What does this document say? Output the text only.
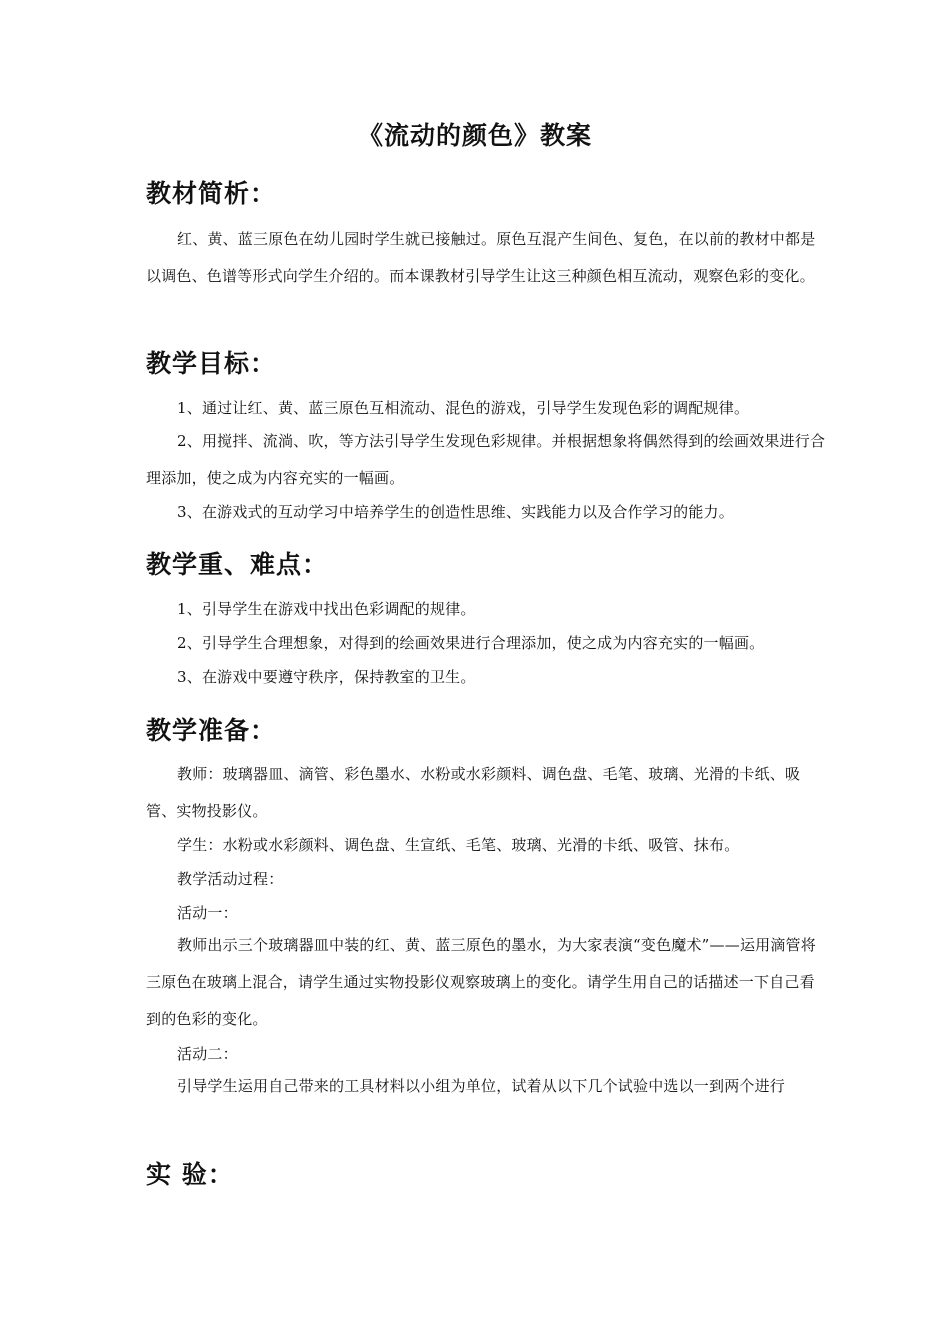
《流动的颜色》教案
教材简析：

红、黄、蓝三原色在幼儿园时学生就已接触过。原色互混产生间色、复色，在以前的教材中都是以调色、色谱等形式向学生介绍的。而本课教材引导学生让这三种颜色相互流动，观察色彩的变化。

教学目标：
1、通过让红、黄、蓝三原色互相流动、混色的游戏，引导学生发现色彩的调配规律。

2、用搅拌、流淌、吹，等方法引导学生发现色彩规律。并根据想象将偶然得到的绘画效果进行合理添加，使之成为内容充实的一幅画。

3、在游戏式的互动学习中培养学生的创造性思维、实践能力以及合作学习的能力。
教学重、难点：
1、引导学生在游戏中找出色彩调配的规律。
2、引导学生合理想象，对得到的绘画效果进行合理添加，使之成为内容充实的一幅画。
3、在游戏中要遵守秩序，保持教室的卫生。
教学准备：

教师：玻璃器皿、滴管、彩色墨水、水粉或水彩颜料、调色盘、毛笔、玻璃、光滑的卡纸、吸管、实物投影仪。

学生：水粉或水彩颜料、调色盘、生宣纸、毛笔、玻璃、光滑的卡纸、吸管、抹布。
教学活动过程：
活动一：

教师出示三个玻璃器皿中装的红、黄、蓝三原色的墨水，为大家表演“变色魔术”——运用滴管将三原色在玻璃上混合，请学生通过实物投影仪观察玻璃上的变化。请学生用自己的话描述一下自己看到的色彩的变化。

活动二：

引导学生运用自己带来的工具材料以小组为单位，试着从以下几个试验中选以一到两个进行

实 验：
